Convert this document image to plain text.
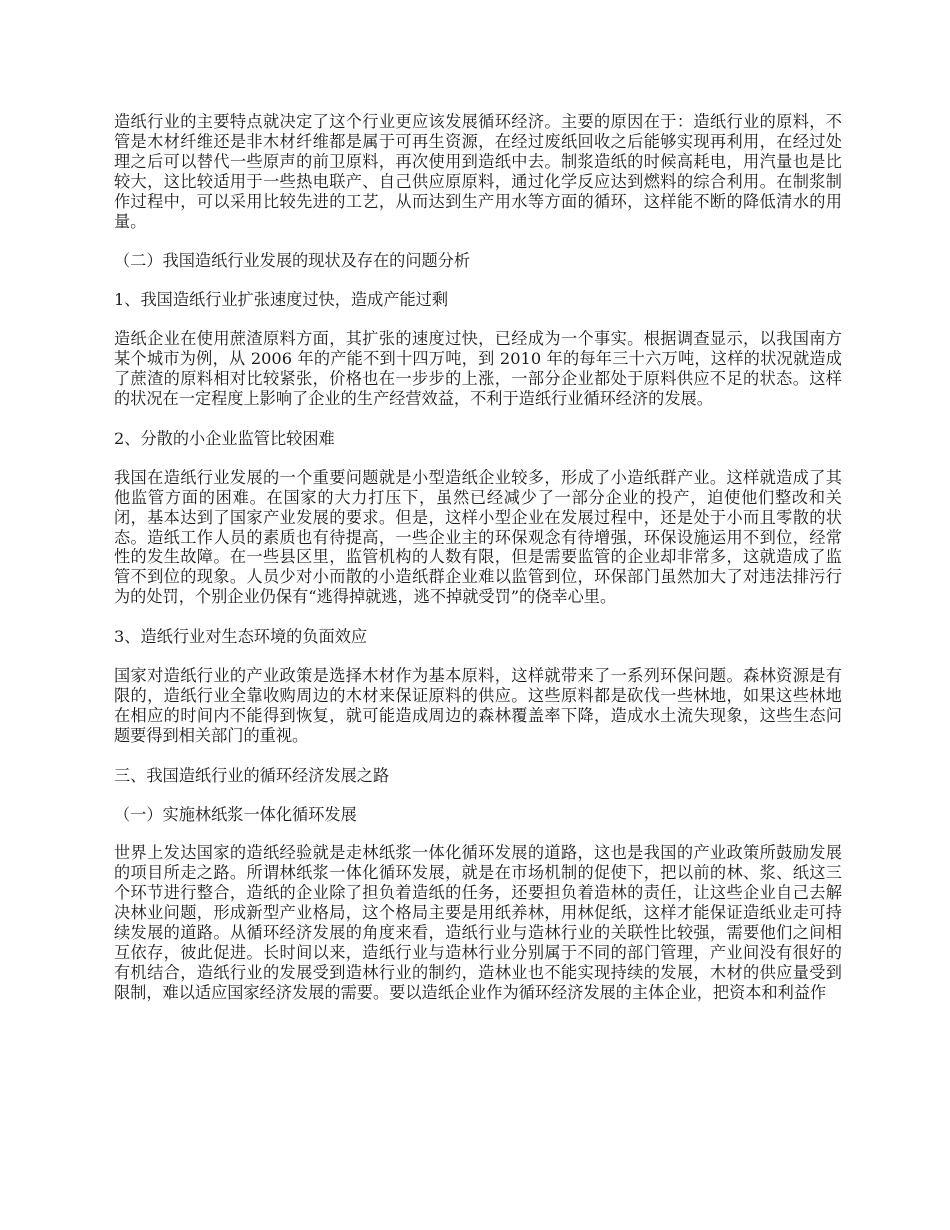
造纸行业的主要特点就决定了这个行业更应该发展循环经济。主要的原因在于：造纸行业的原料，不管是木材纤维还是非木材纤维都是属于可再生资源，在经过废纸回收之后能够实现再利用，在经过处理之后可以替代一些原声的前卫原料，再次使用到造纸中去。制浆造纸的时候高耗电，用汽量也是比较大，这比较适用于一些热电联产、自己供应原原料，通过化学反应达到燃料的综合利用。在制浆制作过程中，可以采用比较先进的工艺，从而达到生产用水等方面的循环，这样能不断的降低清水的用量。

（二）我国造纸行业发展的现状及存在的问题分析

1、我国造纸行业扩张速度过快，造成产能过剩

造纸企业在使用蔗渣原料方面，其扩张的速度过快，已经成为一个事实。根据调查显示，以我国南方某个城市为例，从 2006 年的产能不到十四万吨，到 2010 年的每年三十六万吨，这样的状况就造成了蔗渣的原料相对比较紧张，价格也在一步步的上涨，一部分企业都处于原料供应不足的状态。这样的状况在一定程度上影响了企业的生产经营效益，不利于造纸行业循环经济的发展。

2、分散的小企业监管比较困难

我国在造纸行业发展的一个重要问题就是小型造纸企业较多，形成了小造纸群产业。这样就造成了其他监管方面的困难。在国家的大力打压下，虽然已经减少了一部分企业的投产，迫使他们整改和关闭，基本达到了国家产业发展的要求。但是，这样小型企业在发展过程中，还是处于小而且零散的状态。造纸工作人员的素质也有待提高，一些企业主的环保观念有待增强，环保设施运用不到位，经常性的发生故障。在一些县区里，监管机构的人数有限，但是需要监管的企业却非常多，这就造成了监管不到位的现象。人员少对小而散的小造纸群企业难以监管到位，环保部门虽然加大了对违法排污行为的处罚，个别企业仍保有“逃得掉就逃，逃不掉就受罚”的侥幸心里。

3、造纸行业对生态环境的负面效应

国家对造纸行业的产业政策是选择木材作为基本原料，这样就带来了一系列环保问题。森林资源是有限的，造纸行业全靠收购周边的木材来保证原料的供应。这些原料都是砍伐一些林地，如果这些林地在相应的时间内不能得到恢复，就可能造成周边的森林覆盖率下降，造成水土流失现象，这些生态问题要得到相关部门的重视。

三、我国造纸行业的循环经济发展之路

（一）实施林纸浆一体化循环发展

世界上发达国家的造纸经验就是走林纸浆一体化循环发展的道路，这也是我国的产业政策所鼓励发展的项目所走之路。所谓林纸浆一体化循环发展，就是在市场机制的促使下，把以前的林、浆、纸这三个环节进行整合，造纸的企业除了担负着造纸的任务，还要担负着造林的责任，让这些企业自己去解决林业问题，形成新型产业格局，这个格局主要是用纸养林，用林促纸，这样才能保证造纸业走可持续发展的道路。从循环经济发展的角度来看，造纸行业与造林行业的关联性比较强，需要他们之间相互依存，彼此促进。长时间以来，造纸行业与造林行业分别属于不同的部门管理，产业间没有很好的有机结合，造纸行业的发展受到造林行业的制约，造林业也不能实现持续的发展，木材的供应量受到限制，难以适应国家经济发展的需要。要以造纸企业作为循环经济发展的主体企业，把资本和利益作
